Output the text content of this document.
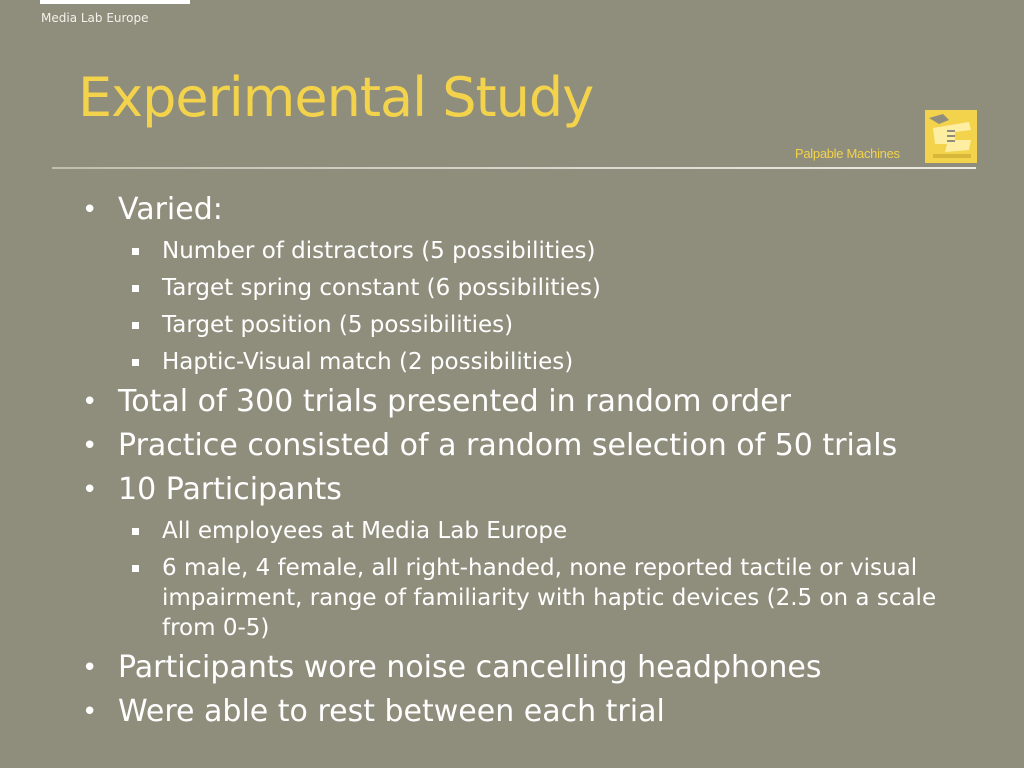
Media Lab Europe
Experimental Study
Palpable Machines
• Varied:
Number of distractors (5 possibilities)
Target spring constant (6 possibilities)
Target position (5 possibilities)
Haptic-Visual match (2 possibilities)
• Total of 300 trials presented in random order
• Practice consisted of a random selection of 50 trials
• 10 Participants
All employees at Media Lab Europe
6 male, 4 female, all right-handed, none reported tactile or visual impairment, range of familiarity with haptic devices (2.5 on a scale from 0-5)
• Participants wore noise cancelling headphones
• Were able to rest between each trial
